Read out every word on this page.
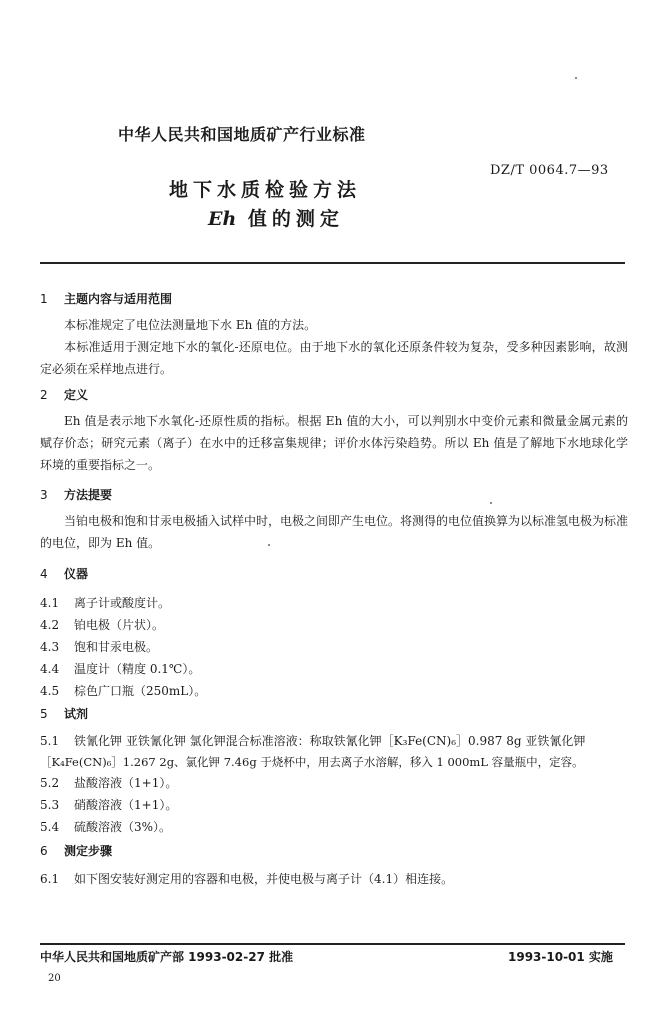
中华人民共和国地质矿产行业标准
DZ/T 0064.7—93
地下水质检验方法
Eh 值的测定
1 主题内容与适用范围
本标准规定了电位法测量地下水 Eh 值的方法。
本标准适用于测定地下水的氧化-还原电位。由于地下水的氧化还原条件较为复杂，受多种因素影响，故测定必须在采样地点进行。
2 定义
Eh 值是表示地下水氧化-还原性质的指标。根据 Eh 值的大小，可以判别水中变价元素和微量金属元素的赋存价态；研究元素（离子）在水中的迁移富集规律；评价水体污染趋势。所以 Eh 值是了解地下水地球化学环境的重要指标之一。
3 方法提要
当铂电极和饱和甘汞电极插入试样中时，电极之间即产生电位。将测得的电位值换算为以标准氢电极为标准的电位，即为 Eh 值。
4 仪器
4.1 离子计或酸度计。
4.2 铂电极（片状）。
4.3 饱和甘汞电极。
4.4 温度计（精度 0.1℃）。
4.5 棕色广口瓶（250mL）。
5 试剂
5.1 铁氰化钾 亚铁氰化钾 氯化钾混合标准溶液：称取铁氰化钾［K₃Fe(CN)₆］0.987 8g 亚铁氰化钾
［K₄Fe(CN)₆］1.267 2g、氯化钾 7.46g 于烧杯中，用去离子水溶解，移入 1 000mL 容量瓶中，定容。
5.2 盐酸溶液（1+1）。
5.3 硝酸溶液（1+1）。
5.4 硫酸溶液（3%）。
6 测定步骤
6.1 如下图安装好测定用的容器和电极，并使电极与离子计（4.1）相连接。
中华人民共和国地质矿产部 1993-02-27 批准	1993-10-01 实施
20
